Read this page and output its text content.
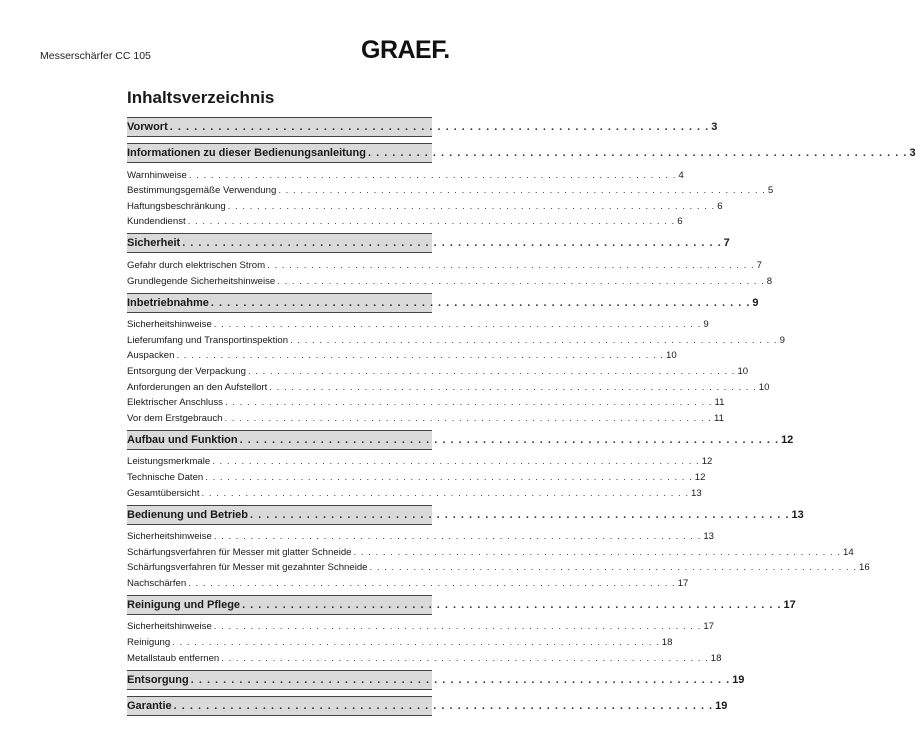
Messerschärfer CC 105	GRAEF.
Inhaltsverzeichnis
Vorwort . . . . . . . . . . . . . . . . . . . . . . . . . . . . . . . . . . . . . . . . . . . . . . . . . . . . . . . . . . . . . . . . . . . 3
Informationen zu dieser Bedienungsanleitung . . . . . . . . . . . . . . . . . . . . . . . . . . . . . . . . . . . . . . . . . . . . . . . . . . . . . . . . . . . . . . . . . . . 3
Warnhinweise . . . . . . . . . . . . . . . . . . . . . . . . . . . . . . . . . . . . . . . . . . . . . . . . . . . . . . . . . . . . . . . . . . . 4
Bestimmungsgemäße Verwendung . . . . . . . . . . . . . . . . . . . . . . . . . . . . . . . . . . . . . . . . . . . . . . . . . . . . . . . . . . . . . . . . . . . 5
Haftungsbeschränkung . . . . . . . . . . . . . . . . . . . . . . . . . . . . . . . . . . . . . . . . . . . . . . . . . . . . . . . . . . . . . . . . . . . 6
Kundendienst . . . . . . . . . . . . . . . . . . . . . . . . . . . . . . . . . . . . . . . . . . . . . . . . . . . . . . . . . . . . . . . . . . . 6
Sicherheit . . . . . . . . . . . . . . . . . . . . . . . . . . . . . . . . . . . . . . . . . . . . . . . . . . . . . . . . . . . . . . . . . . . 7
Gefahr durch elektrischen Strom . . . . . . . . . . . . . . . . . . . . . . . . . . . . . . . . . . . . . . . . . . . . . . . . . . . . . . . . . . . . . . . . . . . 7
Grundlegende Sicherheitshinweise . . . . . . . . . . . . . . . . . . . . . . . . . . . . . . . . . . . . . . . . . . . . . . . . . . . . . . . . . . . . . . . . . . . 8
Inbetriebnahme . . . . . . . . . . . . . . . . . . . . . . . . . . . . . . . . . . . . . . . . . . . . . . . . . . . . . . . . . . . . . . . . . . . 9
Sicherheitshinweise . . . . . . . . . . . . . . . . . . . . . . . . . . . . . . . . . . . . . . . . . . . . . . . . . . . . . . . . . . . . . . . . . . . 9
Lieferumfang und Transportinspektion . . . . . . . . . . . . . . . . . . . . . . . . . . . . . . . . . . . . . . . . . . . . . . . . . . . . . . . . . . . . . . . . . . . 9
Auspacken . . . . . . . . . . . . . . . . . . . . . . . . . . . . . . . . . . . . . . . . . . . . . . . . . . . . . . . . . . . . . . . . . . . 10
Entsorgung der Verpackung . . . . . . . . . . . . . . . . . . . . . . . . . . . . . . . . . . . . . . . . . . . . . . . . . . . . . . . . . . . . . . . . . . . 10
Anforderungen an den Aufstellort . . . . . . . . . . . . . . . . . . . . . . . . . . . . . . . . . . . . . . . . . . . . . . . . . . . . . . . . . . . . . . . . . . . 10
Elektrischer Anschluss . . . . . . . . . . . . . . . . . . . . . . . . . . . . . . . . . . . . . . . . . . . . . . . . . . . . . . . . . . . . . . . . . . . 11
Vor dem Erstgebrauch . . . . . . . . . . . . . . . . . . . . . . . . . . . . . . . . . . . . . . . . . . . . . . . . . . . . . . . . . . . . . . . . . . . 11
Aufbau und Funktion . . . . . . . . . . . . . . . . . . . . . . . . . . . . . . . . . . . . . . . . . . . . . . . . . . . . . . . . . . . . . . . . . . . 12
Leistungsmerkmale . . . . . . . . . . . . . . . . . . . . . . . . . . . . . . . . . . . . . . . . . . . . . . . . . . . . . . . . . . . . . . . . . . . 12
Technische Daten . . . . . . . . . . . . . . . . . . . . . . . . . . . . . . . . . . . . . . . . . . . . . . . . . . . . . . . . . . . . . . . . . . . 12
Gesamtübersicht . . . . . . . . . . . . . . . . . . . . . . . . . . . . . . . . . . . . . . . . . . . . . . . . . . . . . . . . . . . . . . . . . . . 13
Bedienung und Betrieb . . . . . . . . . . . . . . . . . . . . . . . . . . . . . . . . . . . . . . . . . . . . . . . . . . . . . . . . . . . . . . . . . . . 13
Sicherheitshinweise . . . . . . . . . . . . . . . . . . . . . . . . . . . . . . . . . . . . . . . . . . . . . . . . . . . . . . . . . . . . . . . . . . . 13
Schärfungsverfahren für Messer mit glatter Schneide . . . . . . . . . . . . . . . . . . . . . . . . . . . . . . . . . . . . . . . . . . . . . . . . . . . . . . . . . . . . . . . . . . . 14
Schärfungsverfahren für Messer mit gezahnter Schneide . . . . . . . . . . . . . . . . . . . . . . . . . . . . . . . . . . . . . . . . . . . . . . . . . . . . . . . . . . . . . . . . . . . 16
Nachschärfen . . . . . . . . . . . . . . . . . . . . . . . . . . . . . . . . . . . . . . . . . . . . . . . . . . . . . . . . . . . . . . . . . . . 17
Reinigung und Pflege . . . . . . . . . . . . . . . . . . . . . . . . . . . . . . . . . . . . . . . . . . . . . . . . . . . . . . . . . . . . . . . . . . . 17
Sicherheitshinweise . . . . . . . . . . . . . . . . . . . . . . . . . . . . . . . . . . . . . . . . . . . . . . . . . . . . . . . . . . . . . . . . . . . 17
Reinigung . . . . . . . . . . . . . . . . . . . . . . . . . . . . . . . . . . . . . . . . . . . . . . . . . . . . . . . . . . . . . . . . . . . 18
Metallstaub entfernen . . . . . . . . . . . . . . . . . . . . . . . . . . . . . . . . . . . . . . . . . . . . . . . . . . . . . . . . . . . . . . . . . . . 18
Entsorgung . . . . . . . . . . . . . . . . . . . . . . . . . . . . . . . . . . . . . . . . . . . . . . . . . . . . . . . . . . . . . . . . . . . 19
Garantie . . . . . . . . . . . . . . . . . . . . . . . . . . . . . . . . . . . . . . . . . . . . . . . . . . . . . . . . . . . . . . . . . . . 19
